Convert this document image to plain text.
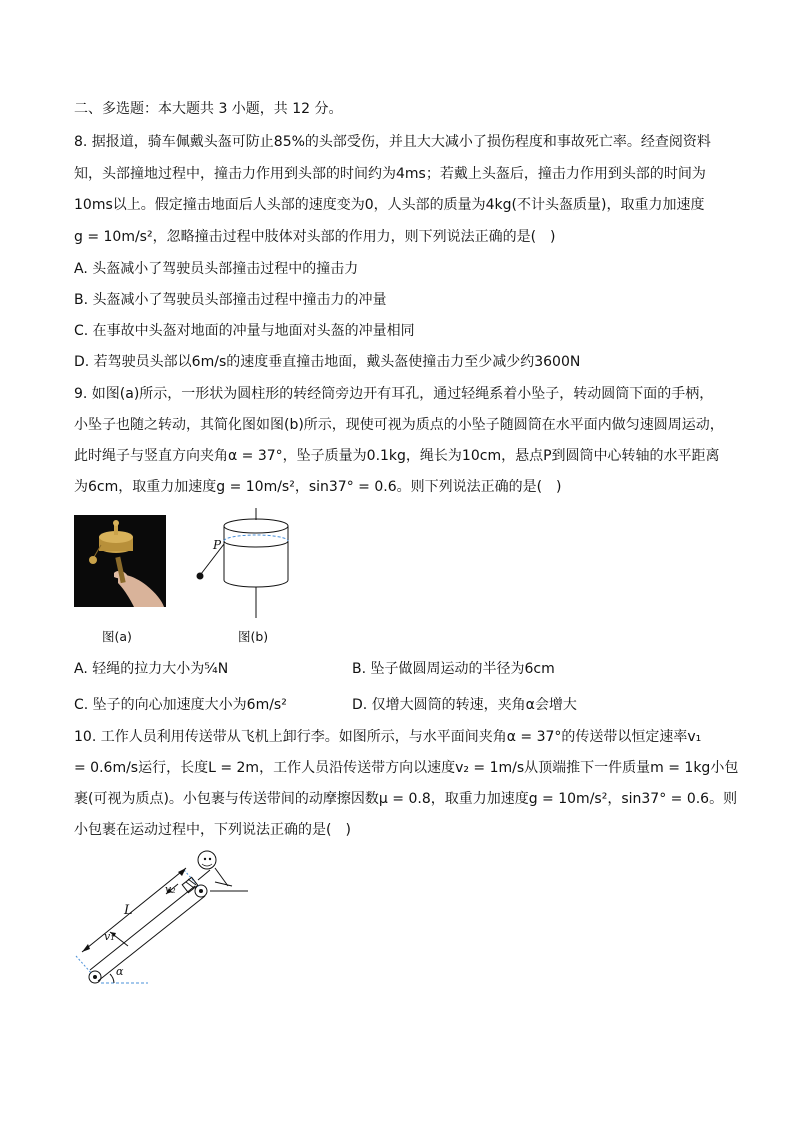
二、多选题：本大题共 3 小题，共 12 分。
8. 据报道，骑车佩戴头盔可防止85%的头部受伤，并且大大减小了损伤程度和事故死亡率。经查阅资料
知，头部撞地过程中，撞击力作用到头部的时间约为4ms；若戴上头盔后，撞击力作用到头部的时间为
10ms以上。假定撞击地面后人头部的速度变为0，人头部的质量为4kg(不计头盔质量)，取重力加速度
g = 10m/s²，忽略撞击过程中肢体对头部的作用力，则下列说法正确的是(　)
A. 头盔减小了驾驶员头部撞击过程中的撞击力
B. 头盔减小了驾驶员头部撞击过程中撞击力的冲量
C. 在事故中头盔对地面的冲量与地面对头盔的冲量相同
D. 若驾驶员头部以6m/s的速度垂直撞击地面，戴头盔使撞击力至少减少约3600N
9. 如图(a)所示，一形状为圆柱形的转经筒旁边开有耳孔，通过轻绳系着小坠子，转动圆筒下面的手柄，
小坠子也随之转动，其简化图如图(b)所示，现使可视为质点的小坠子随圆筒在水平面内做匀速圆周运动，
此时绳子与竖直方向夹角α = 37°，坠子质量为0.1kg，绳长为10cm，悬点P到圆筒中心转轴的水平距离
为6cm，取重力加速度g = 10m/s²，sin37° = 0.6。则下列说法正确的是(　)
图(a)
P
图(b)
A. 轻绳的拉力大小为⁵⁄₄N	B. 坠子做圆周运动的半径为6cm
C. 坠子的向心加速度大小为6m/s²	D. 仅增大圆筒的转速，夹角α会增大
10. 工作人员利用传送带从飞机上卸行李。如图所示，与水平面间夹角α = 37°的传送带以恒定速率v₁
= 0.6m/s运行，长度L = 2m，工作人员沿传送带方向以速度v₂ = 1m/s从顶端推下一件质量m = 1kg小包
裹(可视为质点)。小包裹与传送带间的动摩擦因数μ = 0.8，取重力加速度g = 10m/s²，sin37° = 0.6。则
小包裹在运动过程中，下列说法正确的是(　)
L
v₁
v₂
α
